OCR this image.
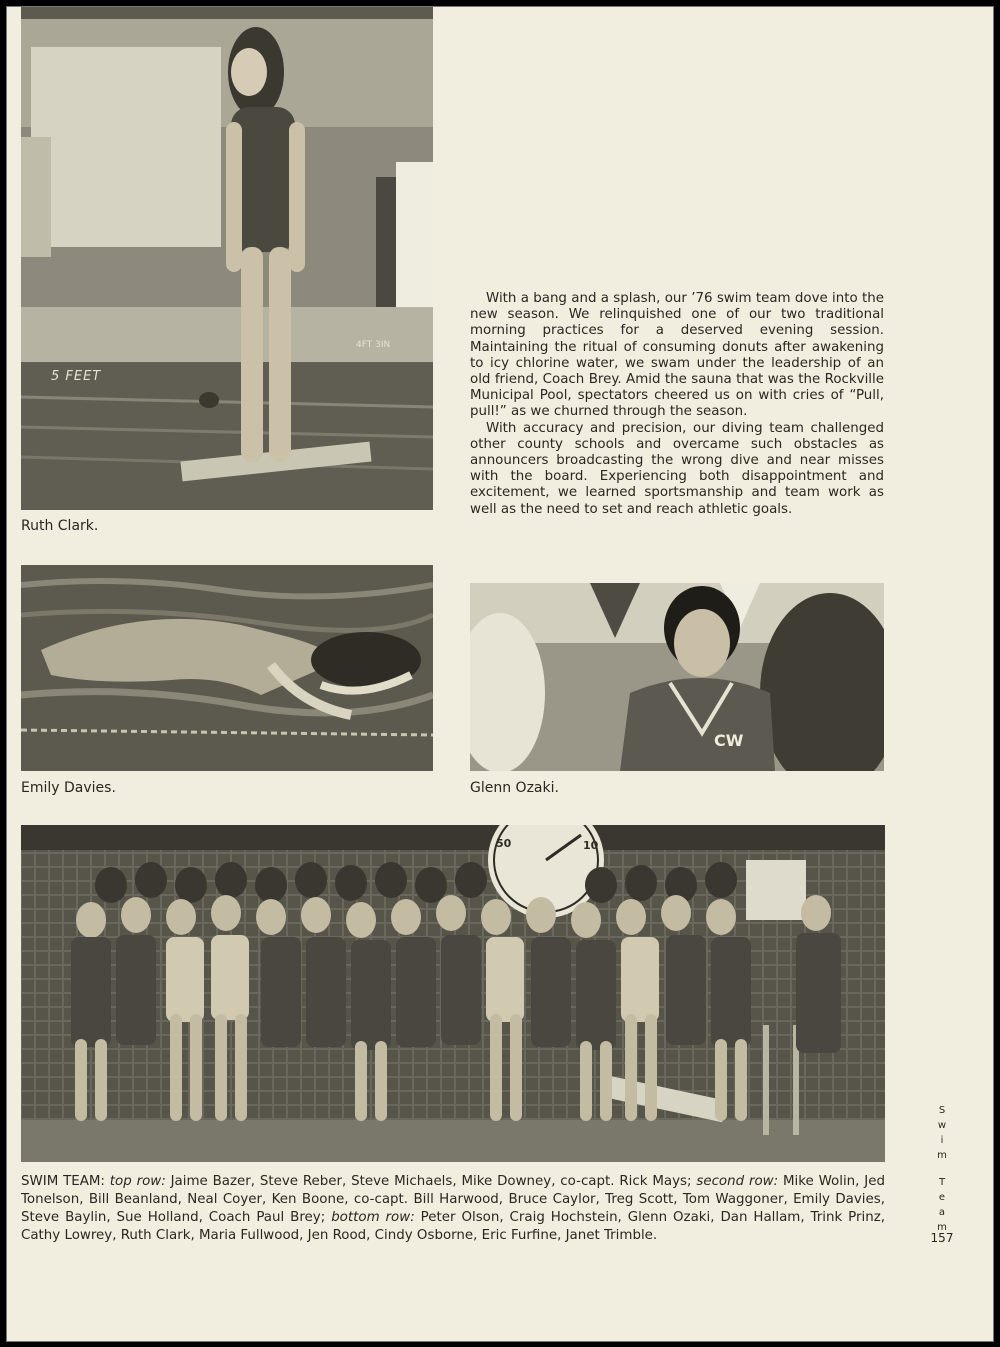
5 FEET
4FT 3IN
Ruth Clark.

With a bang and a splash, our ’76 swim team dove into the new season. We relinquished one of our two traditional morning practices for a deserved evening session. Maintaining the ritual of consuming donuts after awakening to icy chlorine water, we swam under the leadership of an old friend, Coach Brey. Amid the sauna that was the Rockville Municipal Pool, spectators cheered us on with cries of “Pull, pull!” as we churned through the season.

With accuracy and precision, our diving team challenged other county schools and overcame such obstacles as announcers broadcasting the wrong dive and near misses with the board. Experiencing both disappointment and excitement, we learned sportsmanship and team work as well as the need to set and reach athletic goals.

Emily Davies.
CW
Glenn Ozaki.
50	10
SWIM TEAM: top row: Jaime Bazer, Steve Reber, Steve Michaels, Mike Downey, co-capt. Rick Mays; second row: Mike Wolin, Jed Tonelson, Bill Beanland, Neal Coyer, Ken Boone, co-capt. Bill Harwood, Bruce Caylor, Treg Scott, Tom Waggoner, Emily Davies, Steve Baylin, Sue Holland, Coach Paul Brey; bottom row: Peter Olson, Craig Hochstein, Glenn Ozaki, Dan Hallam, Trink Prinz, Cathy Lowrey, Ruth Clark, Maria Fullwood, Jen Rood, Cindy Osborne, Eric Furfine, Janet Trimble.
S
w
i
m
T
e
a
m
157
